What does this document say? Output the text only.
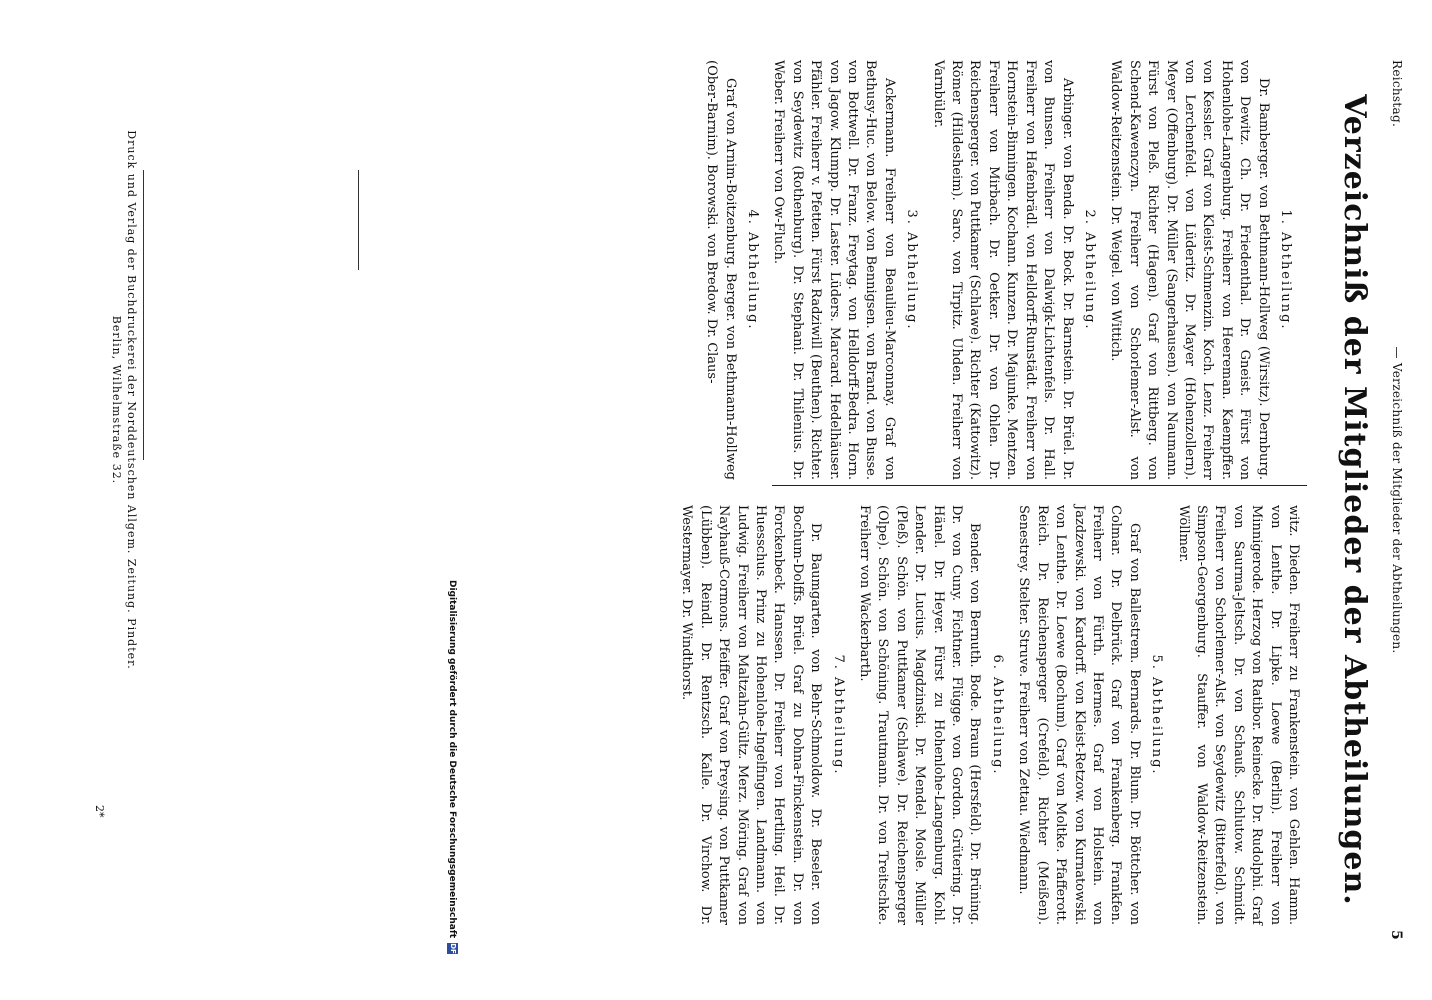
Reichstag.
— Verzeichniß der Mitglieder der Abtheilungen.
5
Verzeichniß der Mitglieder der Abtheilungen.
1. Abtheilung.

Dr. Bamberger. von Bethmann-Hollweg (Wirsitz). Dernburg. von Dewitz. Ch. Dr. Friedenthal. Dr. Gneist. Fürst von Hohenlohe-Langenburg. Freiherr von Heereman. Kaempffer. von Kessler. Graf von Kleist-Schmenzin. Koch. Lenz. Freiherr von Lerchenfeld. von Lüderitz. Dr. Mayer (Hohenzollern). Meyer (Offenburg). Dr. Müller (Sangerhausen). von Naumann. Fürst von Pleß. Richter (Hagen). Graf von Rittberg. von Schend-Kawenczyn. Freiherr von Schorlemer-Alst. von Waldow-Reitzenstein. Dr. Weigel. von Wittich.

2. Abtheilung.

Arbinger. von Benda. Dr. Bock. Dr. Barnstein. Dr. Brüel. Dr. von Bunsen. Freiherr von Dalwigk-Lichtenfels. Dr. Hall. Freiherr von Hafenbrädl. von Helldorff-Runstädt. Freiherr von Hornstein-Binningen. Kochann. Kunzen. Dr. Majunke. Mentzen. Freiherr von Mirbach. Dr. Oetker. Dr. von Ohlen. Dr. Reichensperger. von Puttkamer (Schlawe). Richter (Kattowitz). Römer (Hildesheim). Saro. von Tirpitz. Uhden. Freiherr von Varnbüler.

3. Abtheilung.

Ackermann. Freiherr von Beaulieu-Marconnay. Graf von Bethusy-Huc. von Below. von Bennigsen. von Brand. von Busse. von Bottwell. Dr. Franz. Freytag. von Helldorff-Bedra. Horn. von Jagow. Klumpp. Dr. Laster. Lüders. Marcard. Hedelhäuser. Pfähler. Freiherr v. Pfetten. Fürst Radziwill (Beuthen). Richter. von Seydewitz (Rothenburg). Dr. Stephani. Dr. Thilenius. Dr. Weber. Freiherr von Ow-Fluch.

4. Abtheilung.

Graf von Arnim-Boitzenburg. Berger. von Bethmann-Hollweg (Ober-Barnim). Borowski. von Bredow. Dr. Claus-

witz. Dieden. Freiherr zu Frankenstein. von Gehlen. Hamm. von Lenthe. Dr. Lipke. Loewe (Berlin). Freiherr von Minnigerode. Herzog von Ratibor. Reinecke. Dr. Rudolphi. Graf von Saurma-Jeltsch. Dr. von Schauß. Schlutow. Schmidt. Freiherr von Schorlemer-Alst. von Seydewitz (Bitterfeld). von Simpson-Georgenburg. Stauffer. von Waldow-Reitzenstein. Wöllmer.

5. Abtheilung.

Graf von Ballestrem. Bernards. Dr. Blum. Dr. Böttcher. von Colmar. Dr. Delbrück. Graf von Frankenberg. Frankfen. Freiherr von Fürth. Hermes. Graf von Holstein. von Jazdzewski. von Kardorff. von Kleist-Retzow. von Kurnatowski. von Lenthe. Dr. Loewe (Bochum). Graf von Moltke. Pfafferott. Reich. Dr. Reichensperger (Crefeld). Richter (Meißen). Senestrey. Stelter. Struve. Freiherr von Zettau. Wiedmann.

6. Abtheilung.

Bender. von Bernuth. Bode. Braun (Hersfeld). Dr. Brüning. Dr. von Cuny. Fichtner. Flügge. von Gordon. Grütering. Dr. Hänel. Dr. Heyer. Fürst zu Hohenlohe-Langenburg. Kohl. Lender. Dr. Lucius. Magdzinski. Dr. Mendel. Mosle. Müller (Pleß). Schön. von Puttkamer (Schlawe). Dr. Reichensperger (Olpe). Schön. von Schöning. Trautmann. Dr. von Treitschke. Freiherr von Wackerbarth.

7. Abtheilung.

Dr. Baumgarten. von Behr-Schmoldow. Dr. Beseler. von Bochum-Dolffs. Brüel. Graf zu Dohna-Finckenstein. Dr. von Forckenbeck. Hanssen. Dr. Freiherr von Hertling. Heil. Dr. Huesschus. Prinz zu Hohenlohe-Ingelfingen. Landmann. von Ludwig. Freiherr von Maltzahn-Gültz. Merz. Möring. Graf von Nayhauß-Cormons. Pfeiffer. Graf von Preysing. von Puttkamer (Lübben). Reindl. Dr. Rentzsch. Kalle. Dr. Virchow. Dr. Westermayer. Dr. Windthorst.

Druck und Verlag der Buchdruckerei der Norddeutschen Allgem. Zeitung. Pindter.
Berlin, Wilhelmstraße 32.
2*	Digitalisierung gefördert durch die Deutsche Forschungsgemeinschaft DFG
